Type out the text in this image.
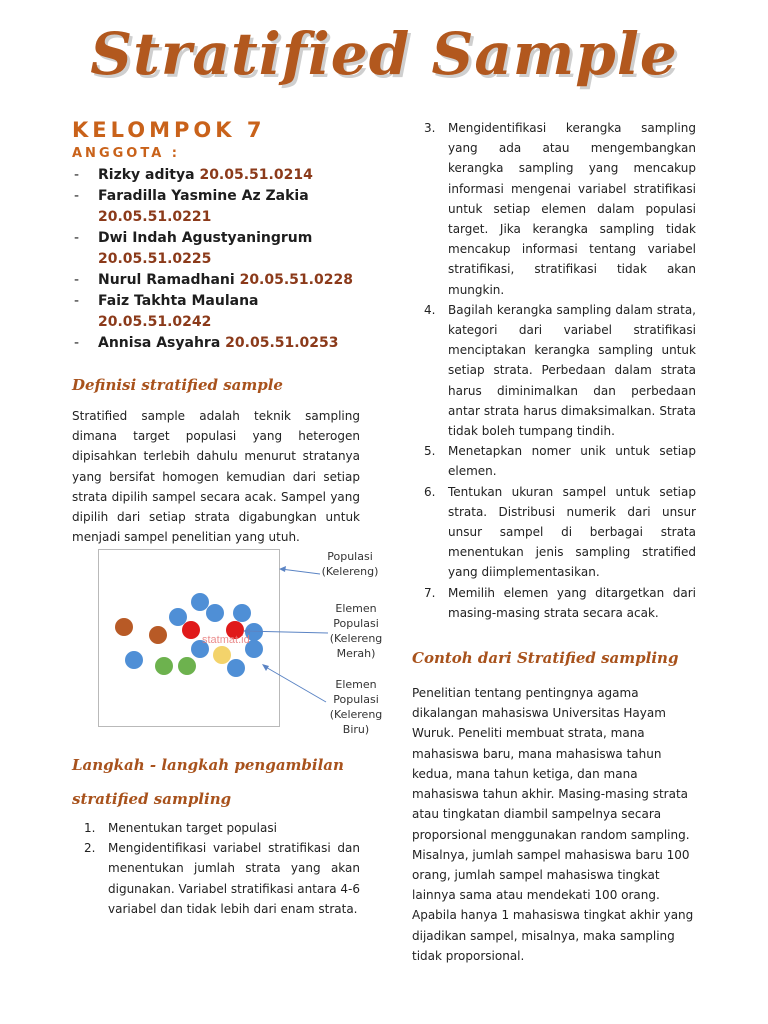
Stratified Sample

KELOMPOK 7

ANGGOTA :

- Rizky aditya 20.05.51.0214
- Faradilla Yasmine Az Zakia
20.05.51.0221
- Dwi Indah Agustyaningrum
20.05.51.0225
- Nurul Ramadhani 20.05.51.0228
- Faiz Takhta Maulana 20.05.51.0242
- Annisa Asyahra 20.05.51.0253

Definisi stratified sample

Stratified sample adalah teknik sampling dimana target populasi yang heterogen dipisahkan terlebih dahulu menurut stratanya yang bersifat homogen kemudian dari setiap strata dipilih sampel secara acak. Sampel yang dipilih dari setiap strata digabungkan untuk menjadi sampel penelitian yang utuh.

statmat.id
Populasi (Kelereng)
Elemen Populasi (Kelereng Merah)
Elemen Populasi (Kelereng Biru)

Langkah - langkah pengambilan
stratified sampling

1. Menentukan target populasi
2. Mengidentifikasi variabel stratifikasi dan menentukan jumlah strata yang akan digunakan. Variabel stratifikasi antara 4-6 variabel dan tidak lebih dari enam strata.
3. Mengidentifikasi kerangka sampling yang ada atau mengembangkan kerangka sampling yang mencakup informasi mengenai variabel stratifikasi untuk setiap elemen dalam populasi target. Jika kerangka sampling tidak mencakup informasi tentang variabel stratifikasi, stratifikasi tidak akan mungkin.
4. Bagilah kerangka sampling dalam strata, kategori dari variabel stratifikasi menciptakan kerangka sampling untuk setiap strata. Perbedaan dalam strata harus diminimalkan dan perbedaan antar strata harus dimaksimalkan. Strata tidak boleh tumpang tindih.
5. Menetapkan nomer unik untuk setiap elemen.
6. Tentukan ukuran sampel untuk setiap strata. Distribusi numerik dari unsur unsur sampel di berbagai strata menentukan jenis sampling stratified yang diimplementasikan.
7. Memilih elemen yang ditargetkan dari masing-masing strata secara acak.

Contoh dari Stratified sampling

Penelitian tentang pentingnya agama dikalangan mahasiswa Universitas Hayam Wuruk. Peneliti membuat strata, mana mahasiswa baru, mana mahasiswa tahun kedua, mana tahun ketiga, dan mana mahasiswa tahun akhir. Masing-masing strata atau tingkatan diambil sampelnya secara proporsional menggunakan random sampling. Misalnya, jumlah sampel mahasiswa baru 100 orang, jumlah sampel mahasiswa tingkat lainnya sama atau mendekati 100 orang. Apabila hanya 1 mahasiswa tingkat akhir yang dijadikan sampel, misalnya, maka sampling tidak proporsional.
